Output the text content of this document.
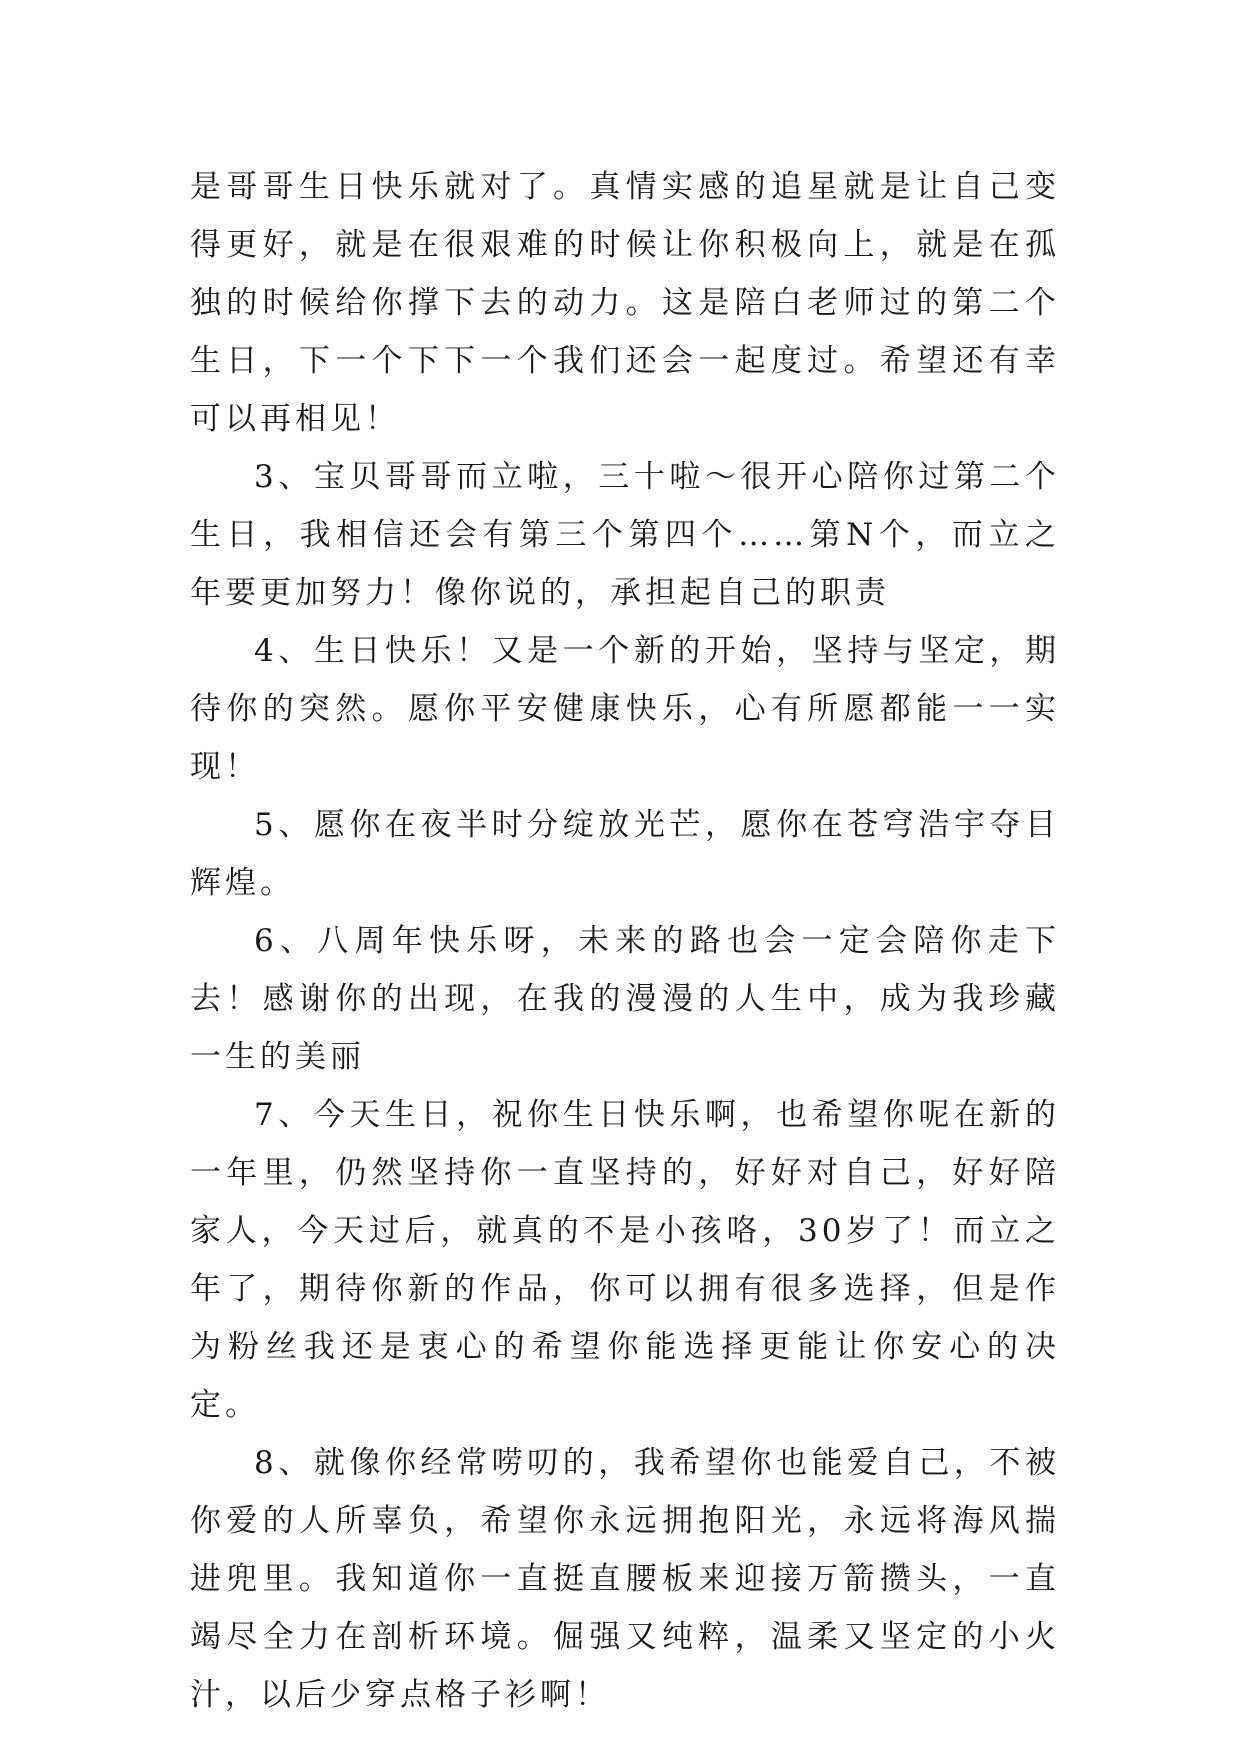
是哥哥生日快乐就对了。真情实感的追星就是让自己变得更好，就是在很艰难的时候让你积极向上，就是在孤独的时候给你撑下去的动力。这是陪白老师过的第二个生日，下一个下下一个我们还会一起度过。希望还有幸可以再相见！

3、宝贝哥哥而立啦，三十啦～很开心陪你过第二个生日，我相信还会有第三个第四个……第N个，而立之年要更加努力！像你说的，承担起自己的职责

4、生日快乐！又是一个新的开始，坚持与坚定，期待你的突然。愿你平安健康快乐，心有所愿都能一一实现！

5、愿你在夜半时分绽放光芒，愿你在苍穹浩宇夺目辉煌。

6、八周年快乐呀，未来的路也会一定会陪你走下去！感谢你的出现，在我的漫漫的人生中，成为我珍藏一生的美丽

7、今天生日，祝你生日快乐啊，也希望你呢在新的一年里，仍然坚持你一直坚持的，好好对自己，好好陪家人，今天过后，就真的不是小孩咯，30岁了！而立之年了，期待你新的作品，你可以拥有很多选择，但是作为粉丝我还是衷心的希望你能选择更能让你安心的决定。

8、就像你经常唠叨的，我希望你也能爱自己，不被你爱的人所辜负，希望你永远拥抱阳光，永远将海风揣进兜里。我知道你一直挺直腰板来迎接万箭攒头，一直竭尽全力在剖析环境。倔强又纯粹，温柔又坚定的小火汁，以后少穿点格子衫啊！
